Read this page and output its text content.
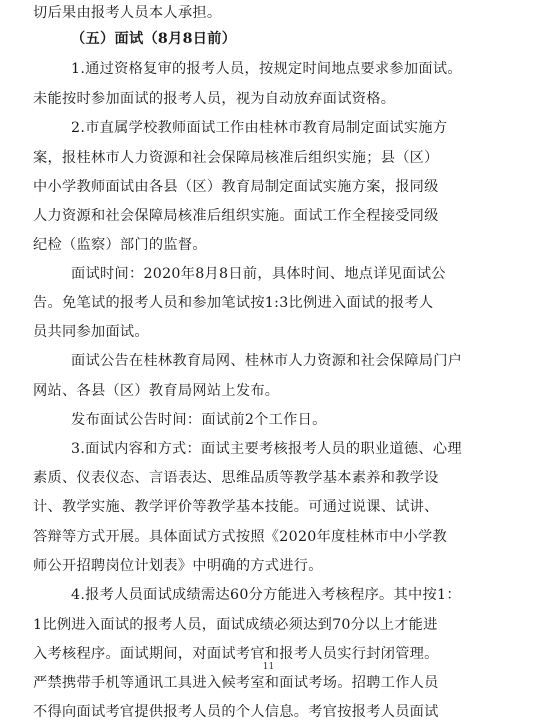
切后果由报考人员本人承担。
（五）面试（8月8日前）
1.通过资格复审的报考人员，按规定时间地点要求参加面试。
未能按时参加面试的报考人员，视为自动放弃面试资格。
2.市直属学校教师面试工作由桂林市教育局制定面试实施方
案，报桂林市人力资源和社会保障局核准后组织实施；县（区）
中小学教师面试由各县（区）教育局制定面试实施方案，报同级
人力资源和社会保障局核准后组织实施。面试工作全程接受同级
纪检（监察）部门的监督。
面试时间：2020年8月8日前，具体时间、地点详见面试公
告。免笔试的报考人员和参加笔试按1:3比例进入面试的报考人
员共同参加面试。
面试公告在桂林教育局网、桂林市人力资源和社会保障局门户
网站、各县（区）教育局网站上发布。
发布面试公告时间：面试前2个工作日。
3.面试内容和方式：面试主要考核报考人员的职业道德、心理
素质、仪表仪态、言语表达、思维品质等教学基本素养和教学设
计、教学实施、教学评价等教学基本技能。可通过说课、试讲、
答辩等方式开展。具体面试方式按照《2020年度桂林市中小学教
师公开招聘岗位计划表》中明确的方式进行。
4.报考人员面试成绩需达60分方能进入考核程序。其中按1：
1比例进入面试的报考人员，面试成绩必须达到70分以上才能进
入考核程序。面试期间，对面试考官和报考人员实行封闭管理。
严禁携带手机等通讯工具进入候考室和面试考场。招聘工作人员
不得向面试考官提供报考人员的个人信息。考官按报考人员面试
11
